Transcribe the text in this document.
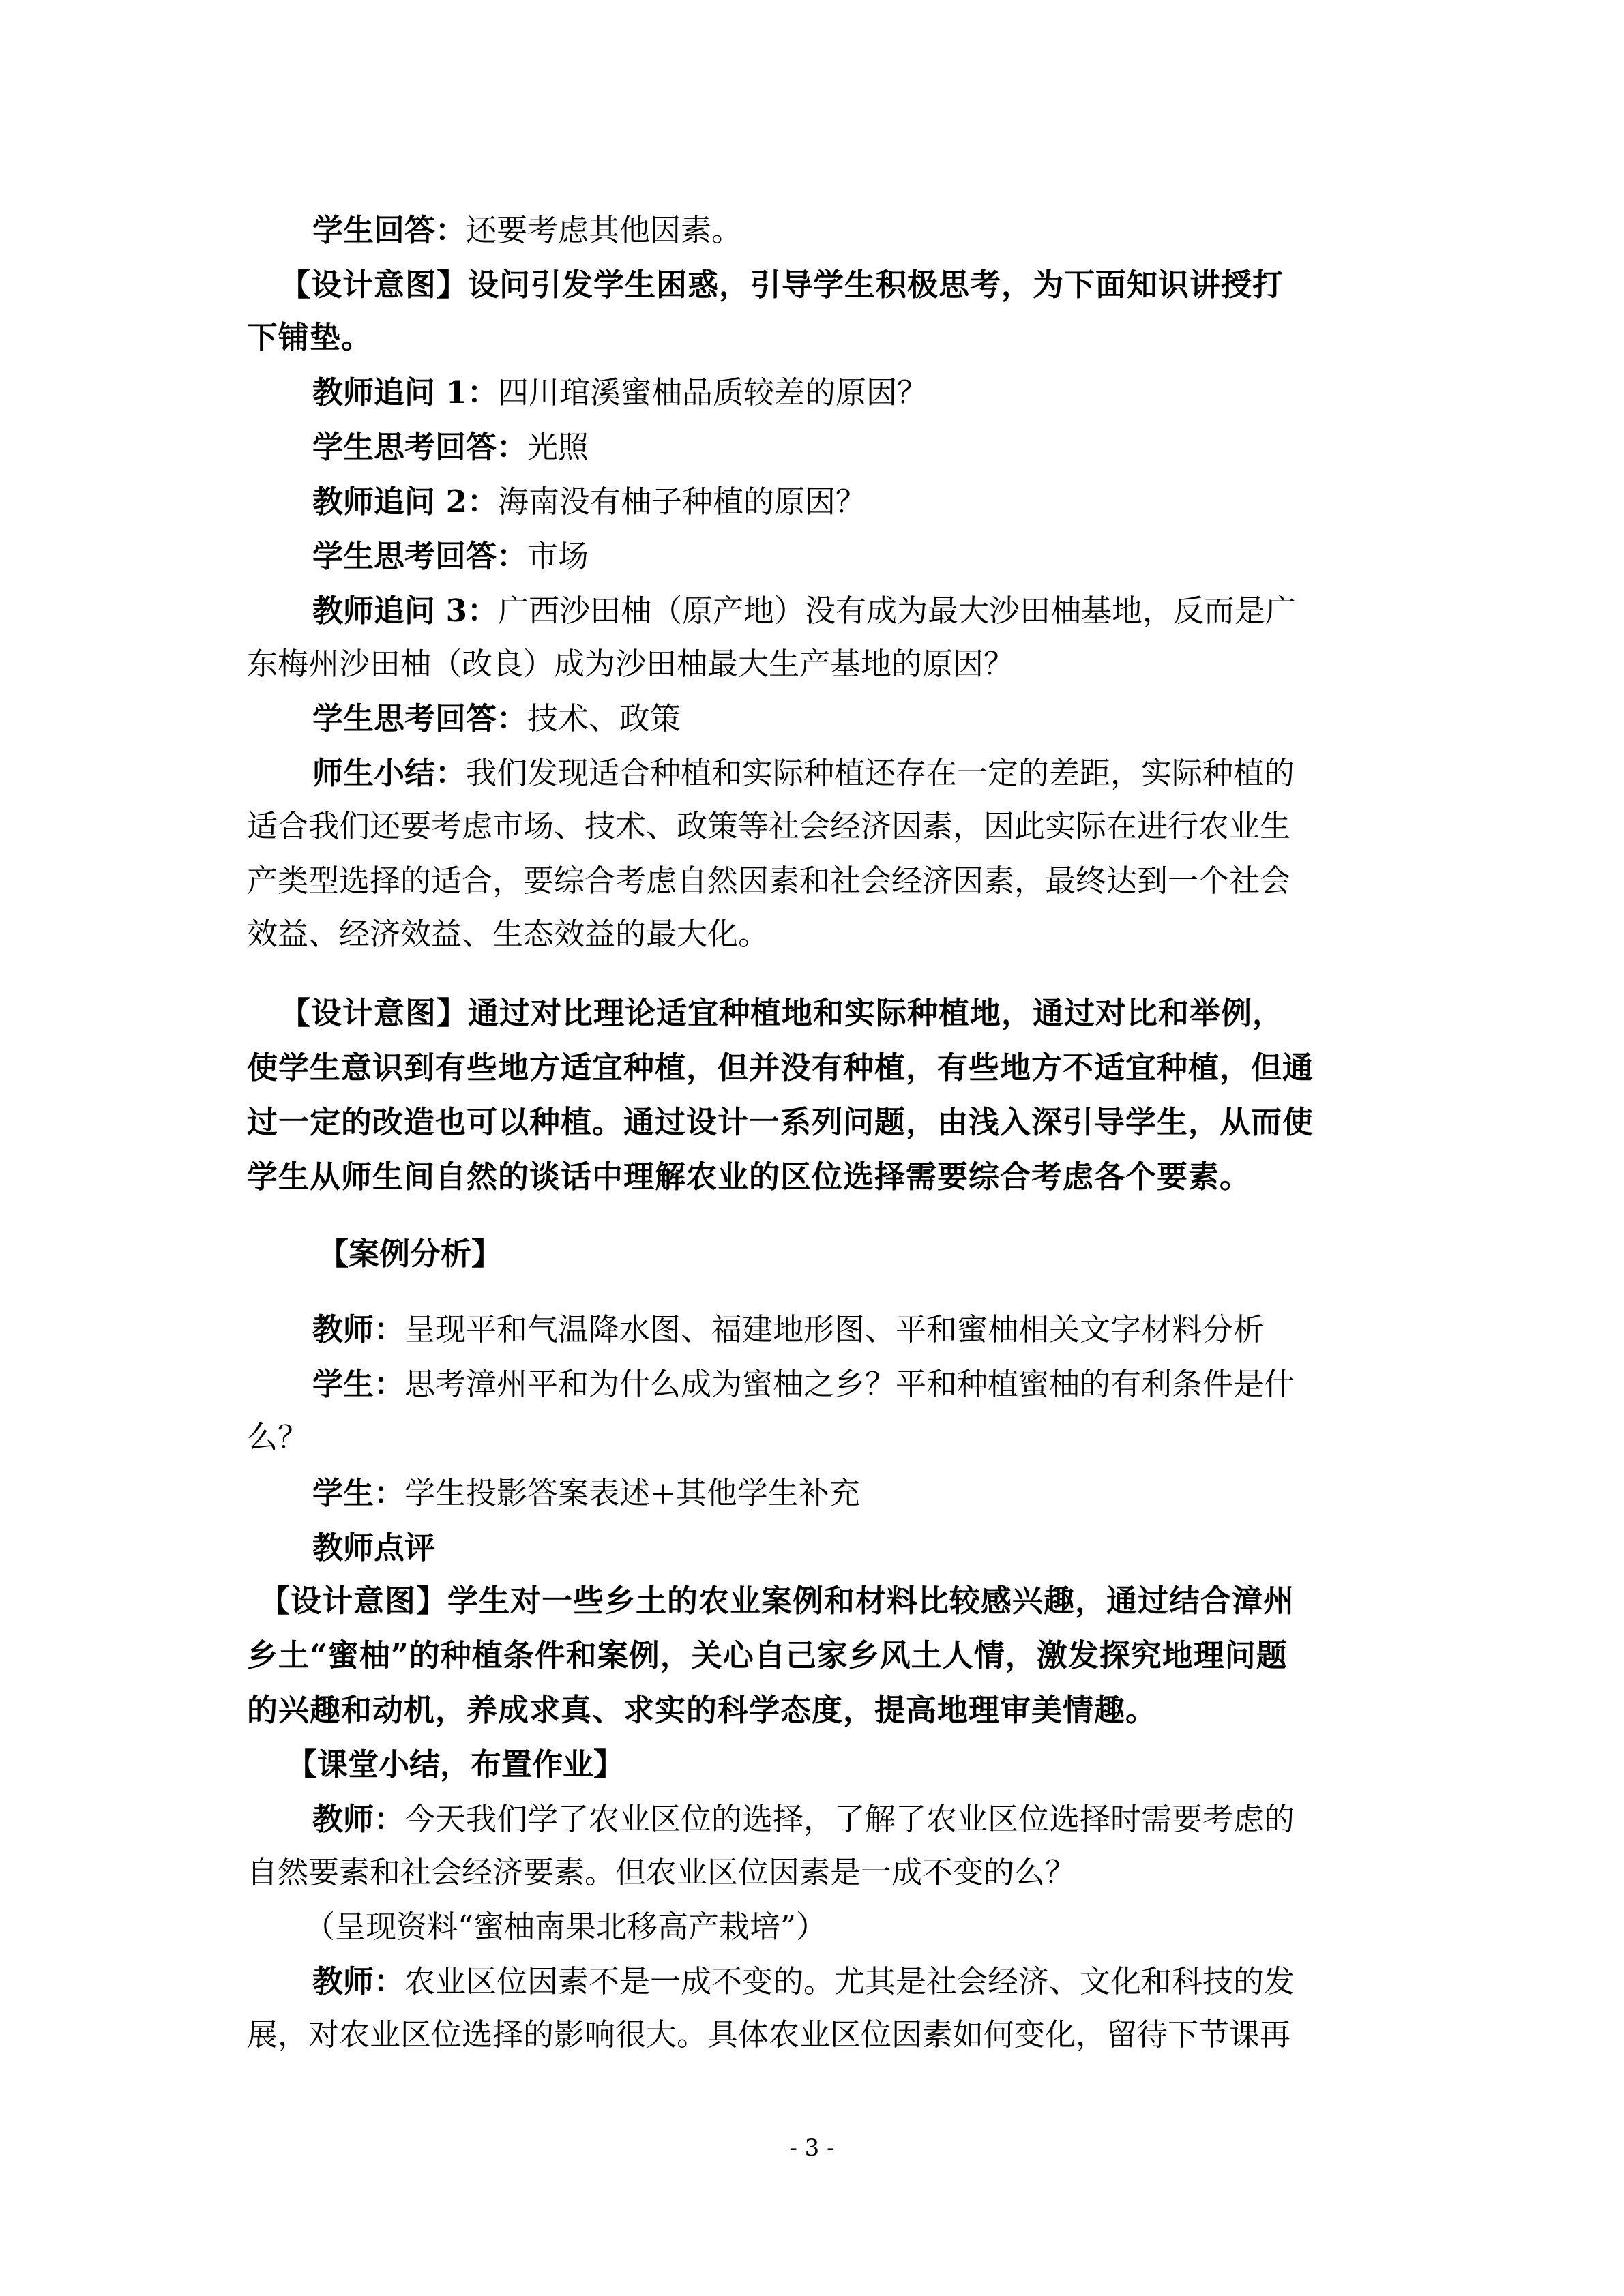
学生回答：还要考虑其他因素。
【设计意图】设问引发学生困惑，引导学生积极思考，为下面知识讲授打
下铺垫。
教师追问 1：四川琯溪蜜柚品质较差的原因？
学生思考回答：光照
教师追问 2：海南没有柚子种植的原因？
学生思考回答：市场
教师追问 3：广西沙田柚（原产地）没有成为最大沙田柚基地，反而是广
东梅州沙田柚（改良）成为沙田柚最大生产基地的原因？
学生思考回答：技术、政策
师生小结：我们发现适合种植和实际种植还存在一定的差距，实际种植的
适合我们还要考虑市场、技术、政策等社会经济因素，因此实际在进行农业生
产类型选择的适合，要综合考虑自然因素和社会经济因素，最终达到一个社会
效益、经济效益、生态效益的最大化。
【设计意图】通过对比理论适宜种植地和实际种植地，通过对比和举例，
使学生意识到有些地方适宜种植，但并没有种植，有些地方不适宜种植，但通
过一定的改造也可以种植。通过设计一系列问题，由浅入深引导学生，从而使
学生从师生间自然的谈话中理解农业的区位选择需要综合考虑各个要素。
【案例分析】
教师：呈现平和气温降水图、福建地形图、平和蜜柚相关文字材料分析
学生：思考漳州平和为什么成为蜜柚之乡？平和种植蜜柚的有利条件是什
么？
学生：学生投影答案表述+其他学生补充
教师点评
【设计意图】学生对一些乡土的农业案例和材料比较感兴趣，通过结合漳州
乡土“蜜柚”的种植条件和案例，关心自己家乡风土人情，激发探究地理问题
的兴趣和动机，养成求真、求实的科学态度，提高地理审美情趣。
【课堂小结，布置作业】
教师：今天我们学了农业区位的选择，了解了农业区位选择时需要考虑的
自然要素和社会经济要素。但农业区位因素是一成不变的么？
（呈现资料“蜜柚南果北移高产栽培”）
教师：农业区位因素不是一成不变的。尤其是社会经济、文化和科技的发
展，对农业区位选择的影响很大。具体农业区位因素如何变化，留待下节课再
- 3 -
